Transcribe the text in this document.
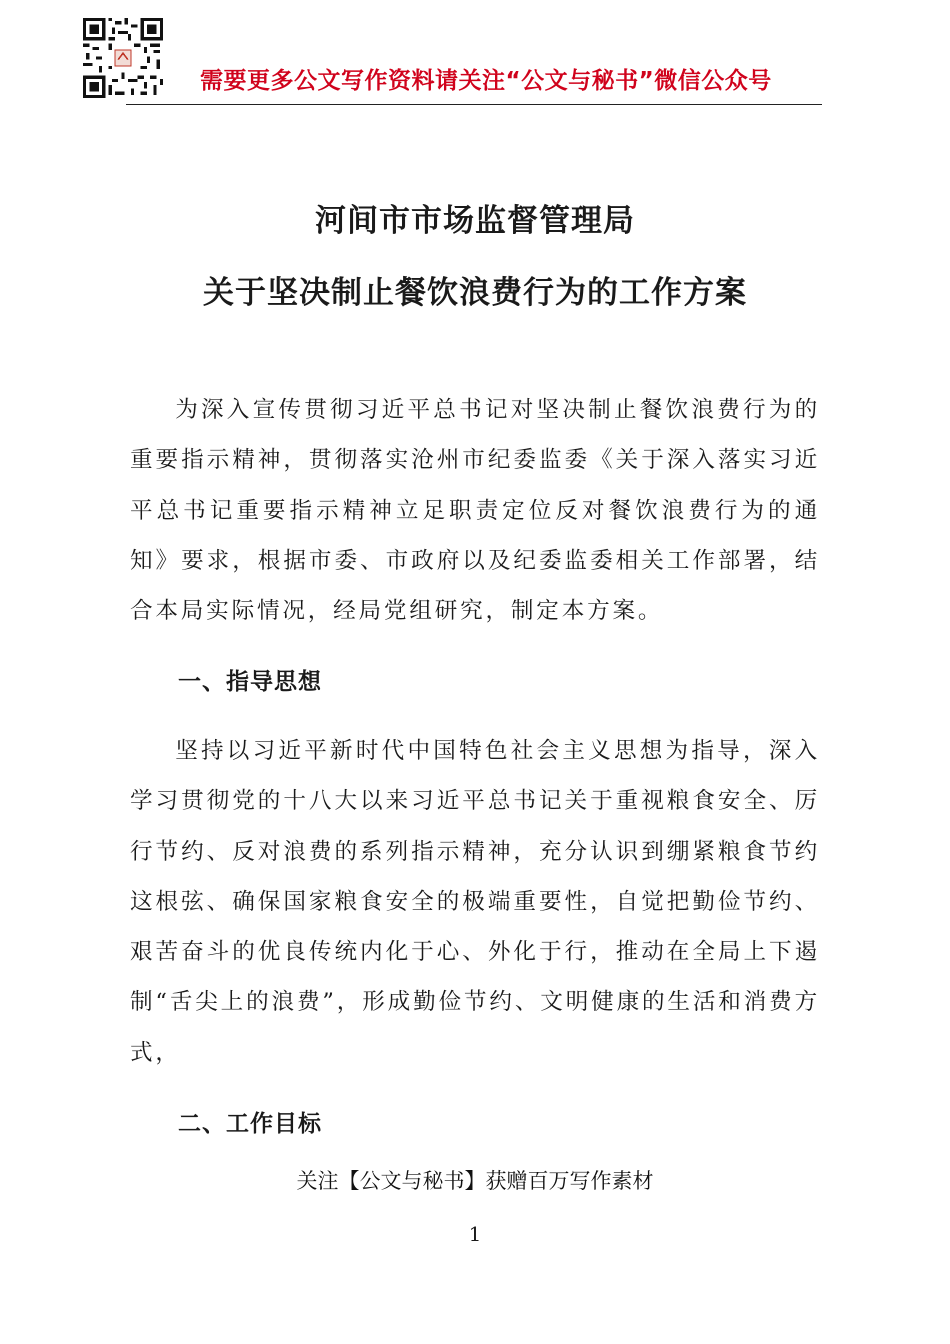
需要更多公文写作资料请关注“公文与秘书”微信公众号
河间市市场监督管理局
关于坚决制止餐饮浪费行为的工作方案

为深入宣传贯彻习近平总书记对坚决制止餐饮浪费行为的重要指示精神，贯彻落实沧州市纪委监委《关于深入落实习近平总书记重要指示精神立足职责定位反对餐饮浪费行为的通知》要求，根据市委、市政府以及纪委监委相关工作部署，结合本局实际情况，经局党组研究，制定本方案。

一、指导思想

坚持以习近平新时代中国特色社会主义思想为指导，深入学习贯彻党的十八大以来习近平总书记关于重视粮食安全、厉行节约、反对浪费的系列指示精神，充分认识到绷紧粮食节约这根弦、确保国家粮食安全的极端重要性，自觉把勤俭节约、艰苦奋斗的优良传统内化于心、外化于行，推动在全局上下遏制“舌尖上的浪费”，形成勤俭节约、文明健康的生活和消费方式，

二、工作目标
关注【公文与秘书】获赠百万写作素材
1
